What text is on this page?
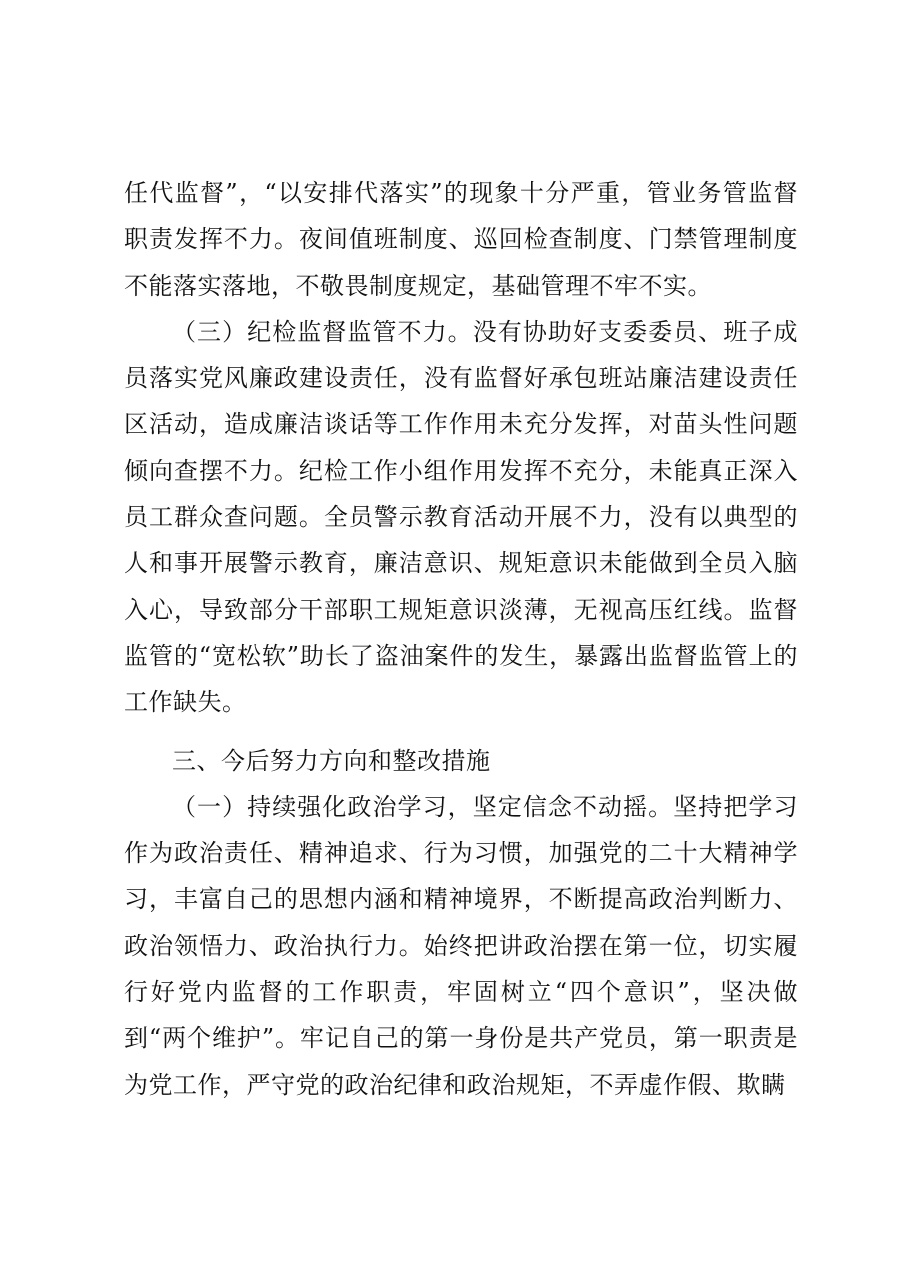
任代监督”，“以安排代落实”的现象十分严重，管业务管监督职责发挥不力。夜间值班制度、巡回检查制度、门禁管理制度不能落实落地，不敬畏制度规定，基础管理不牢不实。

（三）纪检监督监管不力。没有协助好支委委员、班子成员落实党风廉政建设责任，没有监督好承包班站廉洁建设责任区活动，造成廉洁谈话等工作作用未充分发挥，对苗头性问题倾向查摆不力。纪检工作小组作用发挥不充分，未能真正深入员工群众查问题。全员警示教育活动开展不力，没有以典型的人和事开展警示教育，廉洁意识、规矩意识未能做到全员入脑入心，导致部分干部职工规矩意识淡薄，无视高压红线。监督监管的“宽松软”助长了盗油案件的发生，暴露出监督监管上的工作缺失。

三、今后努力方向和整改措施

（一）持续强化政治学习，坚定信念不动摇。坚持把学习作为政治责任、精神追求、行为习惯，加强党的二十大精神学习，丰富自己的思想内涵和精神境界，不断提高政治判断力、政治领悟力、政治执行力。始终把讲政治摆在第一位，切实履行好党内监督的工作职责，牢固树立“四个意识”，坚决做到“两个维护”。牢记自己的第一身份是共产党员，第一职责是为党工作，严守党的政治纪律和政治规矩，不弄虚作假、欺瞒
